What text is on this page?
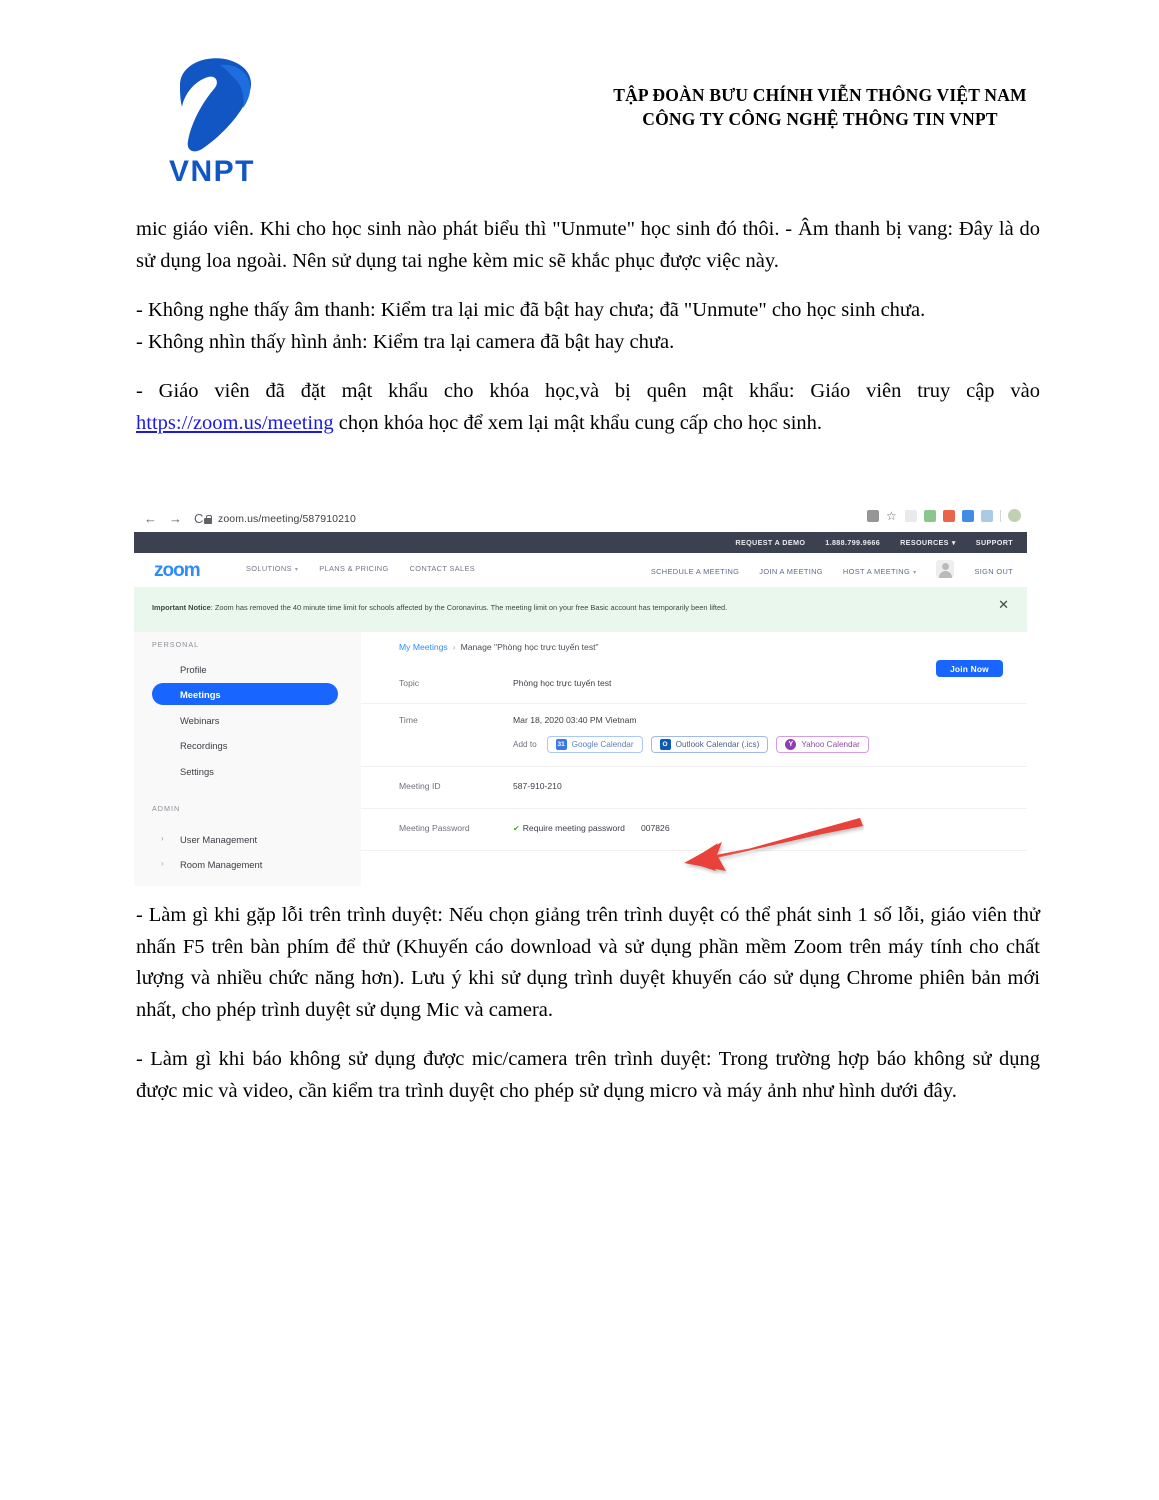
VNPT
TẬP ĐOÀN BƯU CHÍNH VIỄN THÔNG VIỆT NAM
CÔNG TY CÔNG NGHỆ THÔNG TIN VNPT

mic giáo viên. Khi cho học sinh nào phát biểu thì "Unmute" học sinh đó thôi. - Âm thanh bị vang: Đây là do sử dụng loa ngoài. Nên sử dụng tai nghe kèm mic sẽ khắc phục được việc này.

- Không nghe thấy âm thanh: Kiểm tra lại mic đã bật hay chưa; đã "Unmute" cho học sinh chưa.

- Không nhìn thấy hình ảnh: Kiểm tra lại camera đã bật hay chưa.

- Giáo viên đã đặt mật khẩu cho khóa học,và bị quên mật khẩu: Giáo viên truy cập vào https://zoom.us/meeting chọn khóa học để xem lại mật khẩu cung cấp cho học sinh.

← → C zoom.us/meeting/587910210	☆
REQUEST A DEMO	1.888.799.9666	RESOURCES ▾	SUPPORT
zoom	SOLUTIONS ▾	PLANS & PRICING	CONTACT SALES	SCHEDULE A MEETING	JOIN A MEETING	HOST A MEETING ▾	SIGN OUT
Important Notice: Zoom has removed the 40 minute time limit for schools affected by the Coronavirus. The meeting limit on your free Basic account has temporarily been lifted.	✕
PERSONAL
Profile
Meetings
Webinars
Recordings
Settings
ADMIN
› User Management
› Room Management
My Meetings › Manage "Phòng học trực tuyến test"
Join Now
Topic	Phòng học trực tuyến test
Time	Mar 18, 2020 03:40 PM Vietnam
Add to	31 Google Calendar	O Outlook Calendar (.ics)	Y Yahoo Calendar
Meeting ID	587-910-210
Meeting Password	✔ Require meeting password 007826

- Làm gì khi gặp lỗi trên trình duyệt: Nếu chọn giảng trên trình duyệt có thể phát sinh 1 số lỗi, giáo viên thử nhấn F5 trên bàn phím để thử (Khuyến cáo download và sử dụng phần mềm Zoom trên máy tính cho chất lượng và nhiều chức năng hơn). Lưu ý khi sử dụng trình duyệt khuyến cáo sử dụng Chrome phiên bản mới nhất, cho phép trình duyệt sử dụng Mic và camera.

- Làm gì khi báo không sử dụng được mic/camera trên trình duyệt: Trong trường hợp báo không sử dụng được mic và video, cần kiểm tra trình duyệt cho phép sử dụng micro và máy ảnh như hình dưới đây.
